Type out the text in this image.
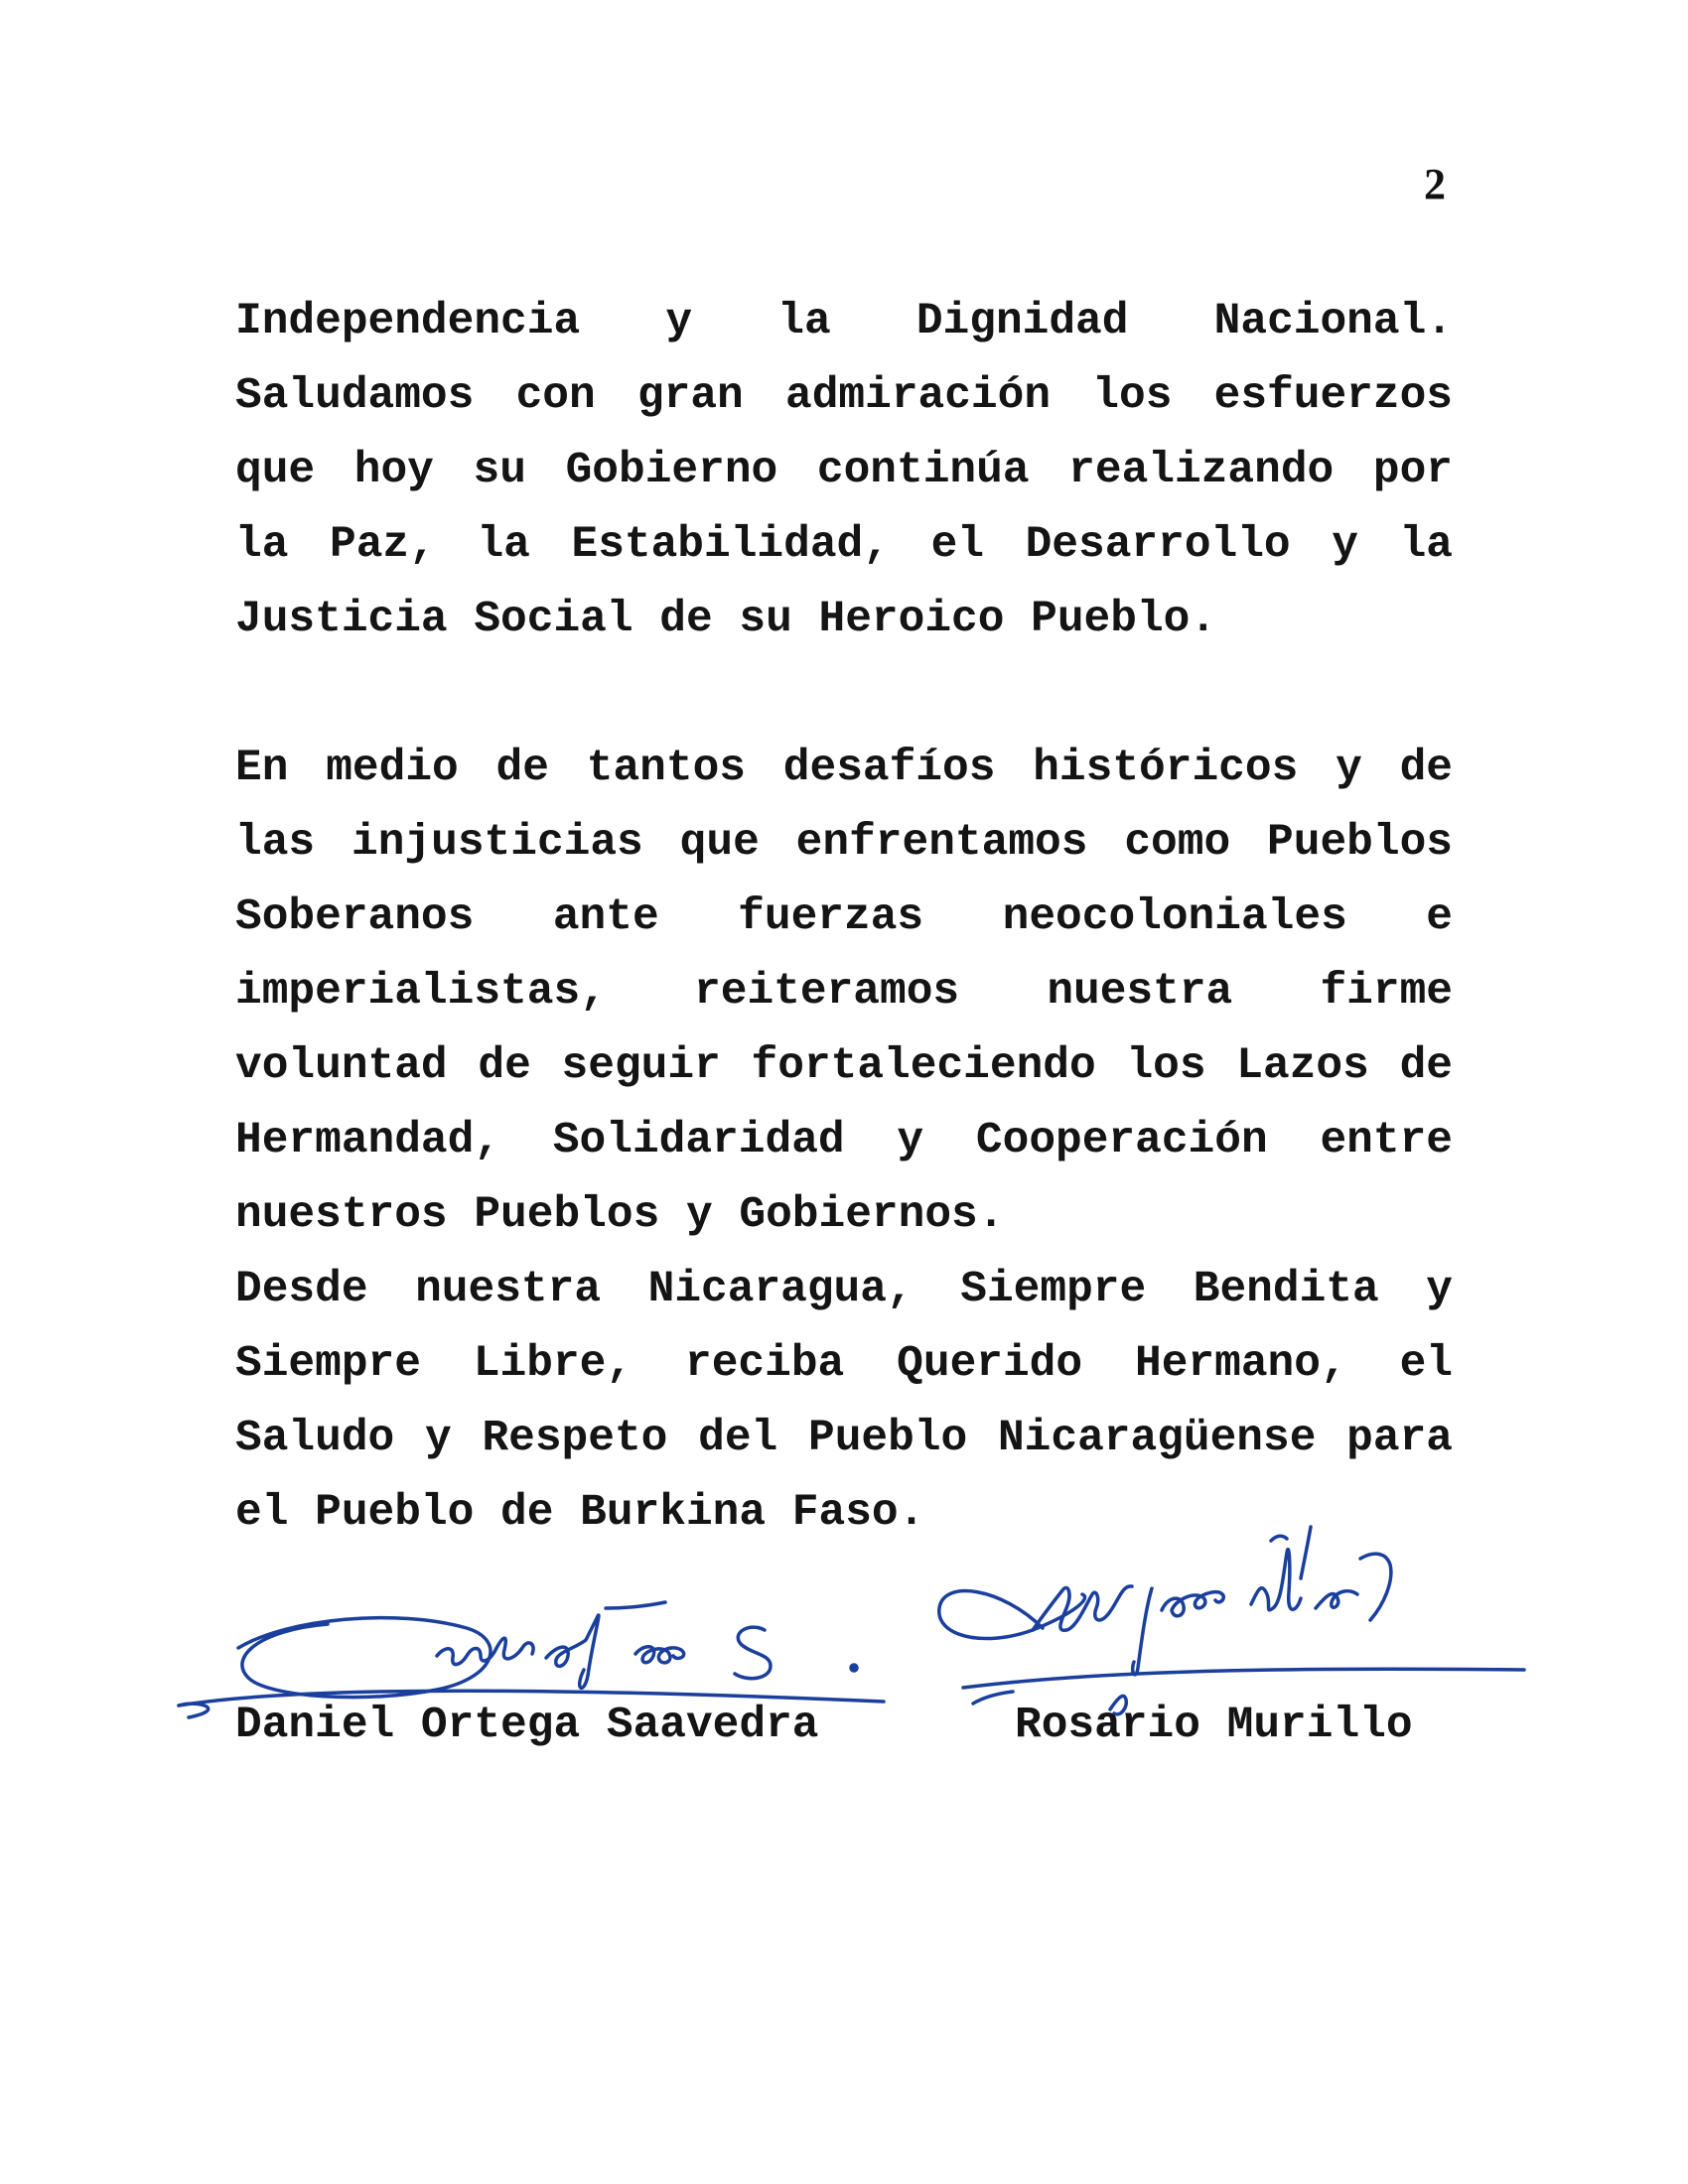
2

Independencia y la Dignidad Nacional. Saludamos con gran admiración los esfuerzos que hoy su Gobierno continúa realizando por la Paz, la Estabilidad, el Desarrollo y la Justicia Social de su Heroico Pueblo.

En medio de tantos desafíos históricos y de las injusticias que enfrentamos como Pueblos Soberanos ante fuerzas neocoloniales e imperialistas, reiteramos nuestra firme voluntad de seguir fortaleciendo los Lazos de Hermandad, Solidaridad y Cooperación entre nuestros Pueblos y Gobiernos.

Desde nuestra Nicaragua, Siempre Bendita y Siempre Libre, reciba Querido Hermano, el Saludo y Respeto del Pueblo Nicaragüense para el Pueblo de Burkina Faso.

Daniel Ortega Saavedra	Rosario Murillo
